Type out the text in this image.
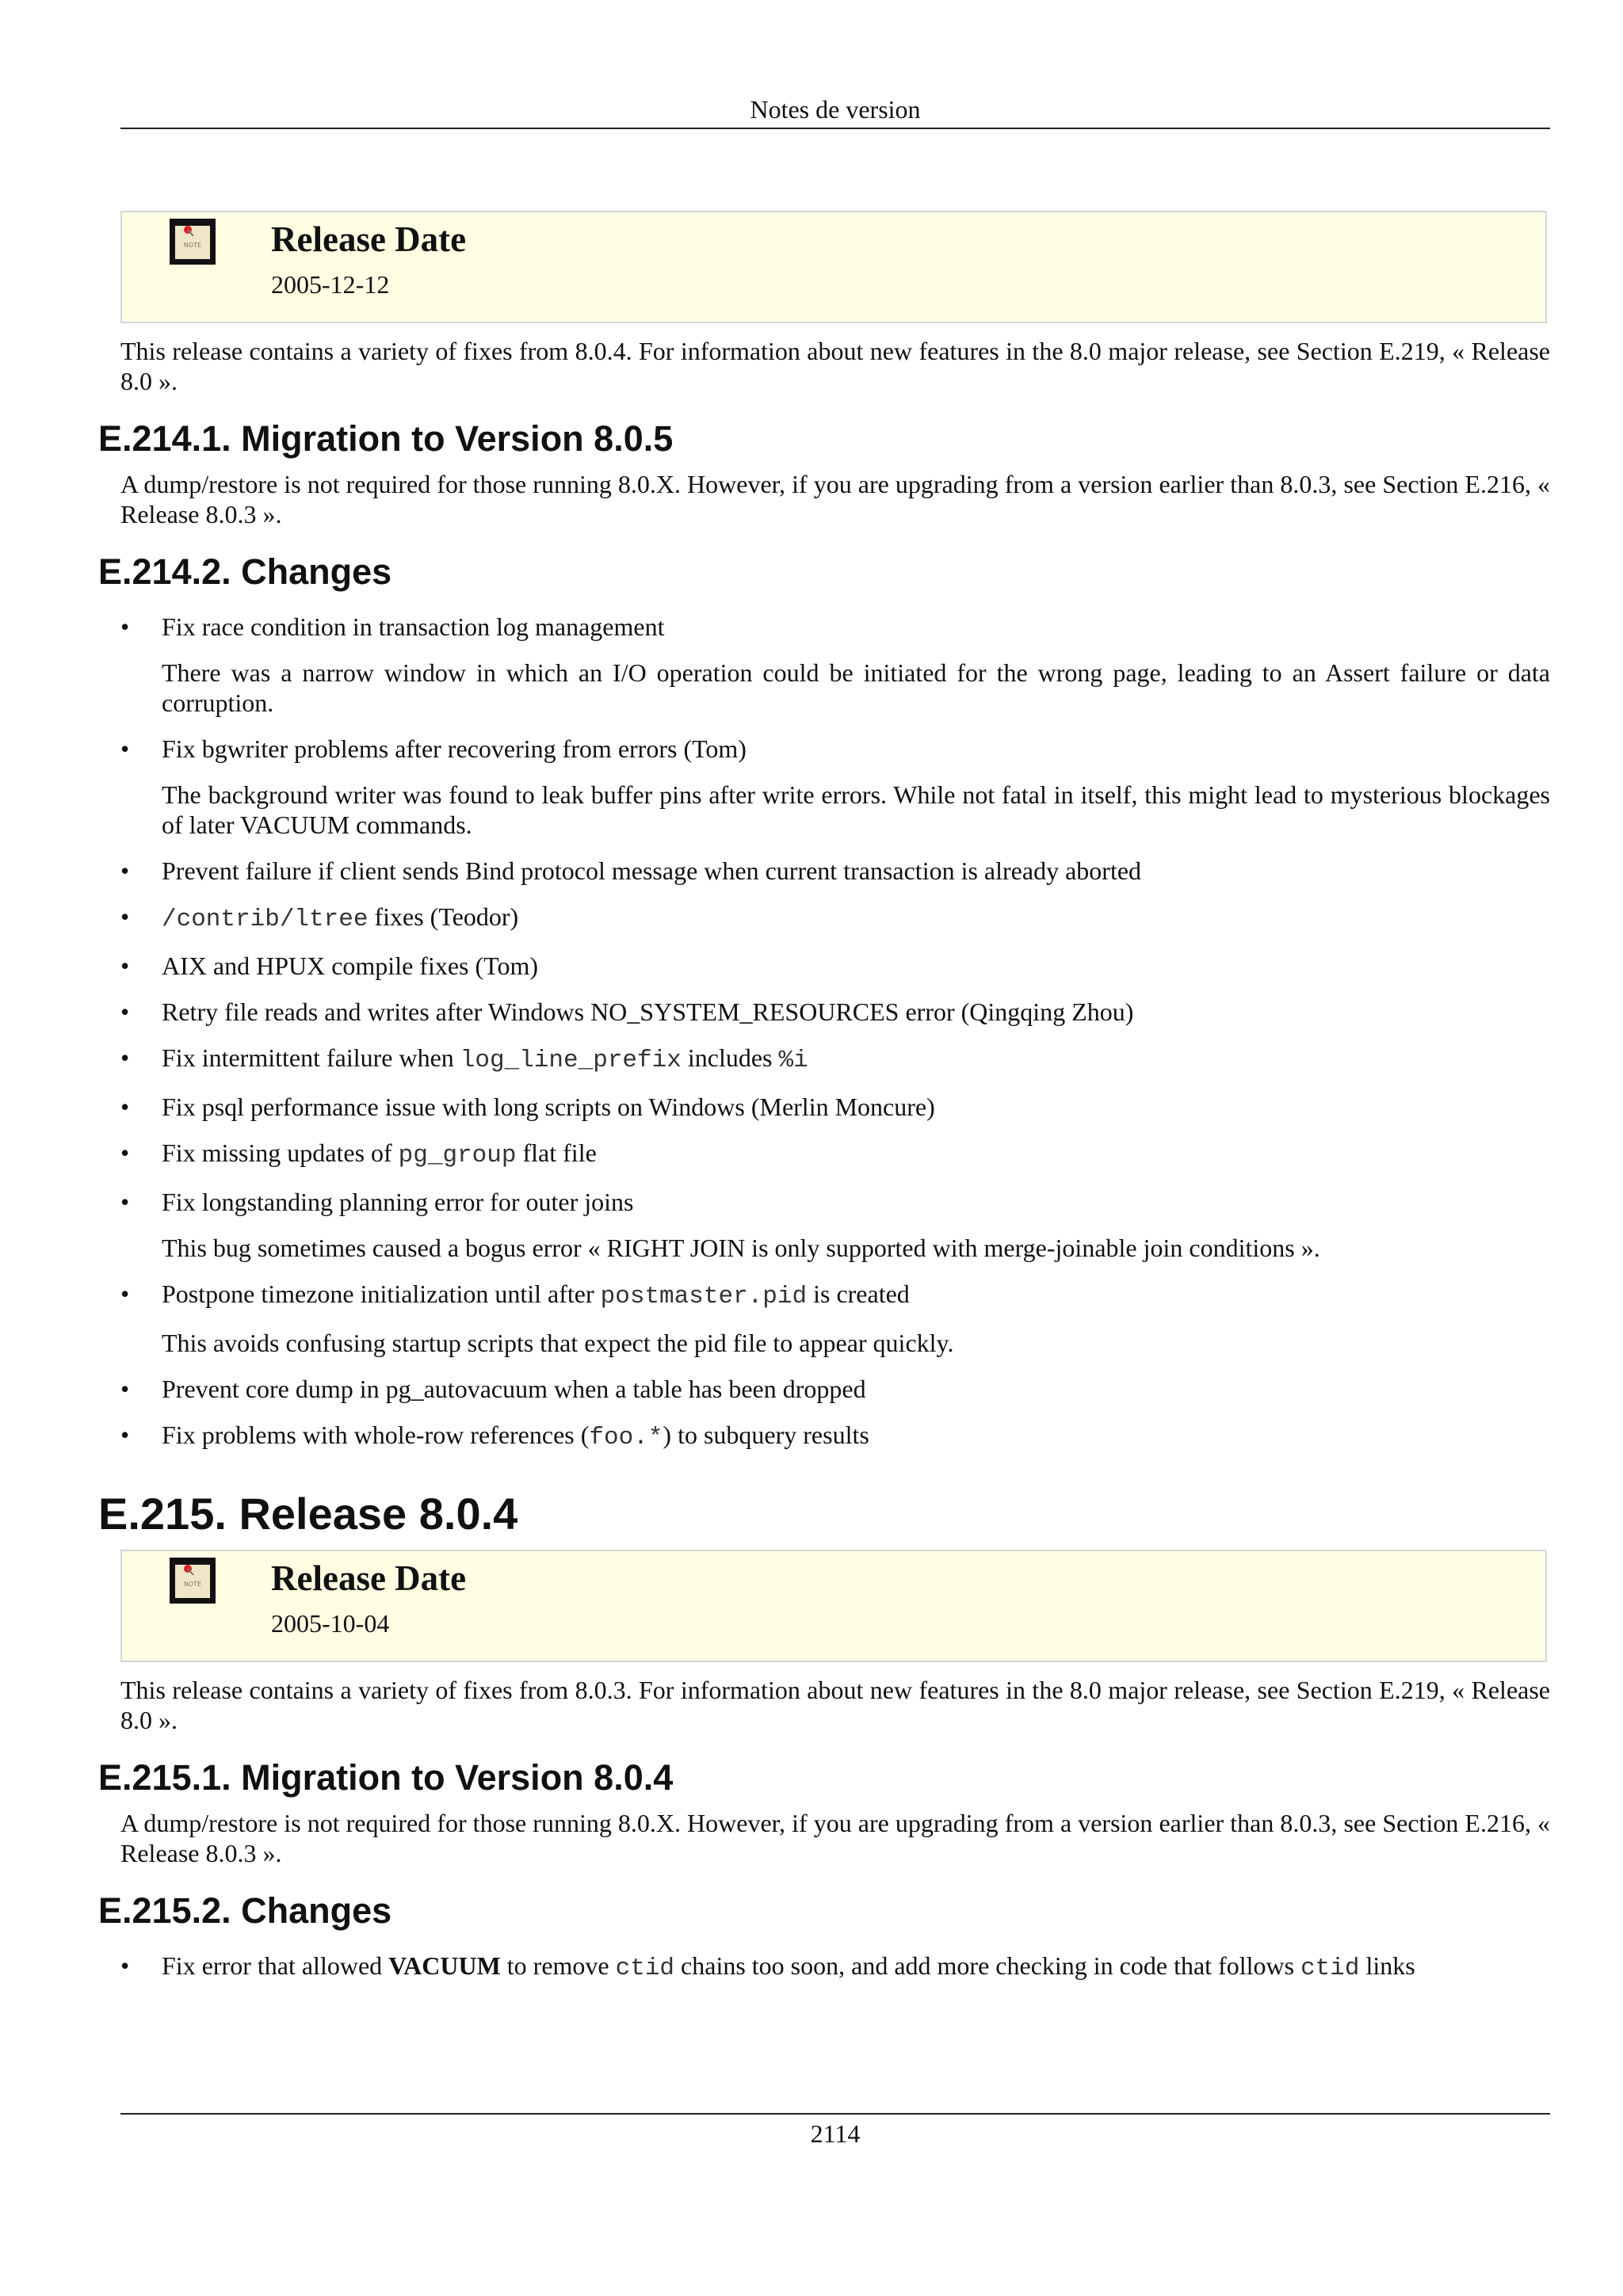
Notes de version
NOTE Release Date
2005-12-12

This release contains a variety of fixes from 8.0.4. For information about new features in the 8.0 major release, see Section E.219, « Release 8.0 ».

E.214.1. Migration to Version 8.0.5

A dump/restore is not required for those running 8.0.X. However, if you are upgrading from a version earlier than 8.0.3, see Section E.216, « Release 8.0.3 ».

E.214.2. Changes
• Fix race condition in transaction log management
There was a narrow window in which an I/O operation could be initiated for the wrong page, leading to an Assert failure or data corruption.
• Fix bgwriter problems after recovering from errors (Tom)
The background writer was found to leak buffer pins after write errors. While not fatal in itself, this might lead to mysterious blockages of later VACUUM commands.
• Prevent failure if client sends Bind protocol message when current transaction is already aborted
• /contrib/ltree fixes (Teodor)
• AIX and HPUX compile fixes (Tom)
• Retry file reads and writes after Windows NO_SYSTEM_RESOURCES error (Qingqing Zhou)
• Fix intermittent failure when log_line_prefix includes %i
• Fix psql performance issue with long scripts on Windows (Merlin Moncure)
• Fix missing updates of pg_group flat file
• Fix longstanding planning error for outer joins
This bug sometimes caused a bogus error « RIGHT JOIN is only supported with merge-joinable join conditions ».
• Postpone timezone initialization until after postmaster.pid is created
This avoids confusing startup scripts that expect the pid file to appear quickly.
• Prevent core dump in pg_autovacuum when a table has been dropped
• Fix problems with whole-row references (foo.*) to subquery results
E.215. Release 8.0.4
NOTE Release Date
2005-10-04

This release contains a variety of fixes from 8.0.3. For information about new features in the 8.0 major release, see Section E.219, « Release 8.0 ».

E.215.1. Migration to Version 8.0.4

A dump/restore is not required for those running 8.0.X. However, if you are upgrading from a version earlier than 8.0.3, see Section E.216, « Release 8.0.3 ».

E.215.2. Changes
• Fix error that allowed VACUUM to remove ctid chains too soon, and add more checking in code that follows ctid links
2114
